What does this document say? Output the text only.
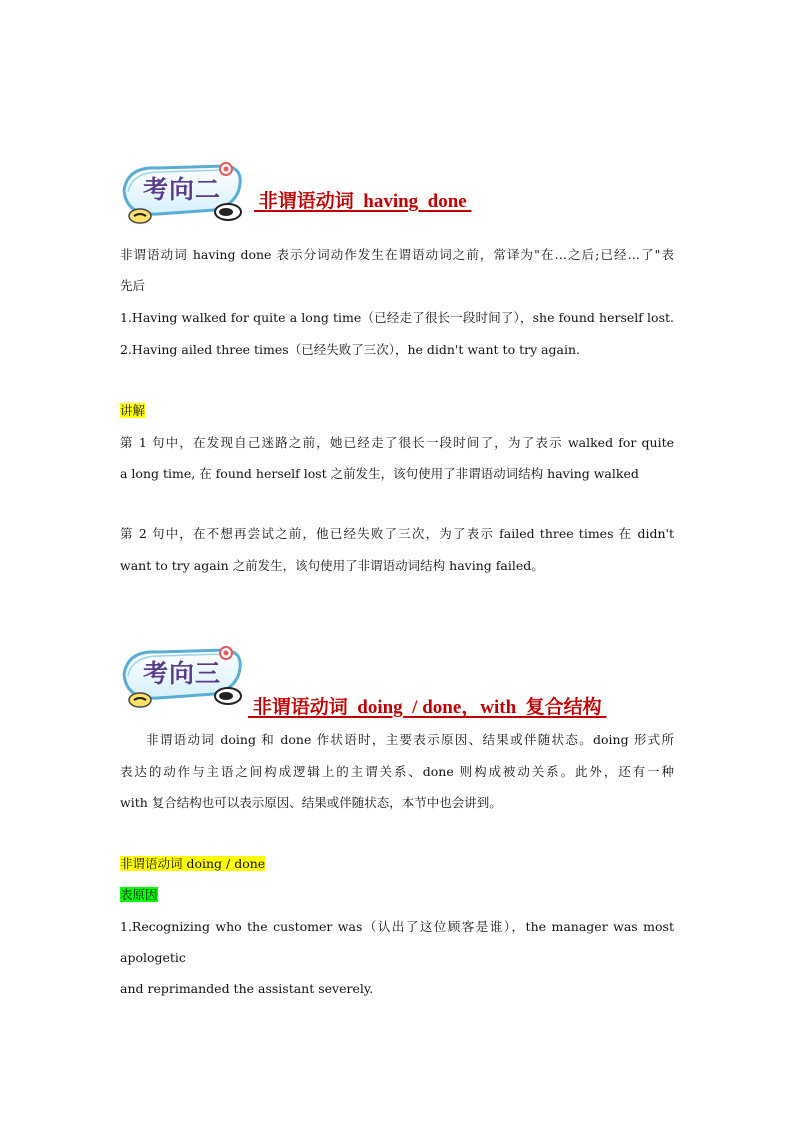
考向二	非谓语动词  having  done
非谓语动词 having done 表示分词动作发生在谓语动词之前，常译为"在…之后;已经…了"表
先后
1.Having walked for quite a long time（已经走了很长一段时间了），she found herself lost.
2.Having ailed three times（已经失败了三次），he didn't want to try again.
讲解
第 1 句中，在发现自己迷路之前，她已经走了很长一段时间了，为了表示 walked for quite
a long time, 在 found herself lost 之前发生，该句使用了非谓语动词结构 having walked
第 2 句中，在不想再尝试之前，他已经失败了三次，为了表示 failed three times 在 didn't
want to try again 之前发生，该句使用了非谓语动词结构 having failed。
考向三
非谓语动词  doing  / done，with  复合结构
非谓语动词 doing 和 done 作状语时，主要表示原因、结果或伴随状态。doing 形式所
表达的动作与主语之间构成逻辑上的主谓关系、done 则构成被动关系。此外，还有一种
with 复合结构也可以表示原因、结果或伴随状态，本节中也会讲到。
非谓语动词 doing / done
表原因
1.Recognizing who the customer was（认出了这位顾客是谁），the manager was most
apologetic
and reprimanded the assistant severely.
